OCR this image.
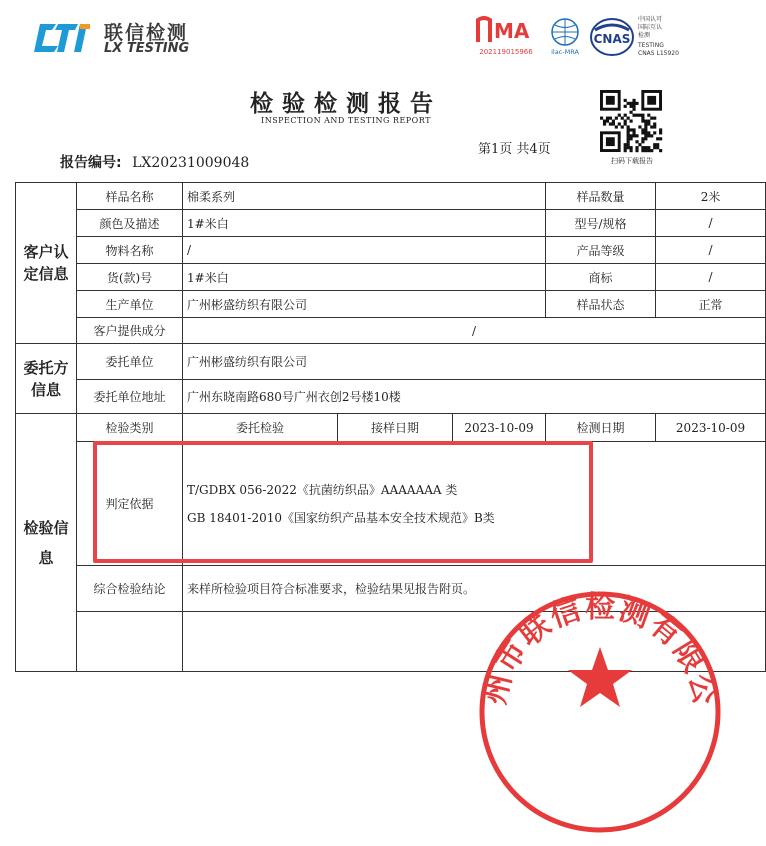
联信检测
LX TESTING
MA
202119015966	ilac-MRA
CNAS
中国认可
国际互认
检测
TESTING
CNAS L15920
检验检测报告
INSPECTION AND TESTING REPORT
扫码下载报告
第1页 共4页
报告编号: LX20231009048
客户认定信息	样品名称	棉柔系列			样品数量	2米
	颜色及描述	1#米白			型号/规格	/
	物料名称	/			产品等级	/
	货(款)号	1#米白			商标	/
	生产单位	广州彬盛纺织有限公司			样品状态	正常
	客户提供成分	/				
委托方信息	委托单位	广州彬盛纺织有限公司				
	委托单位地址	广州东晓南路680号广州衣创2号楼10楼				
检验信息	检验类别	委托检验	接样日期	2023-10-09	检测日期	2023-10-09
	判定依据	T/GDBX 056-2022《抗菌纺织品》AAAAAAA 类
GB 18401-2010《国家纺织产品基本安全技术规范》B类				

	综合检验结论	来样所检验项目符合标准要求，检验结果见报告附页。				

州市联信检测有限公
